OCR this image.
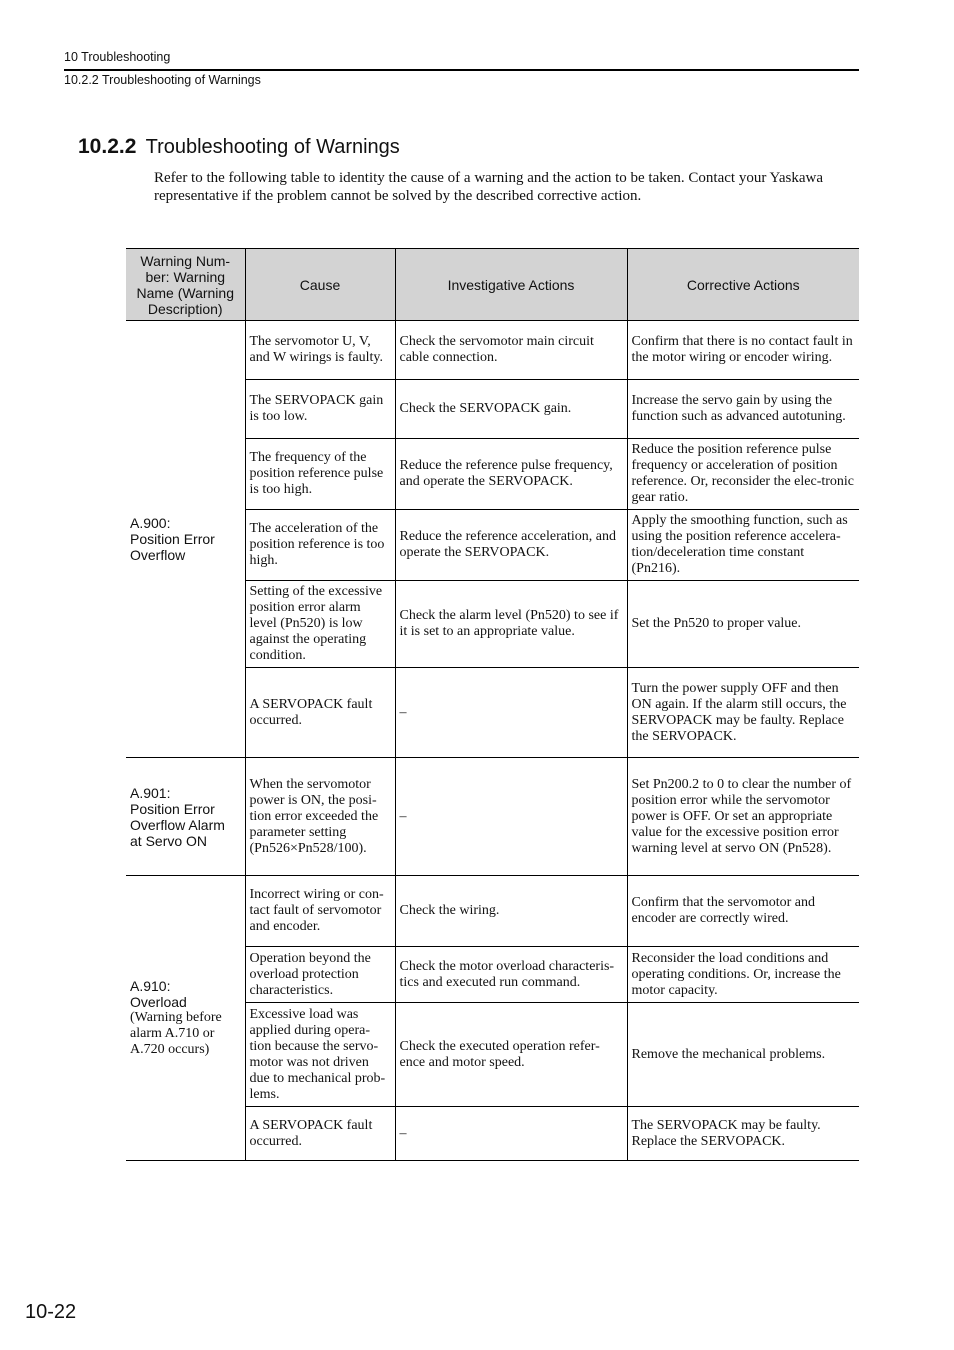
10 Troubleshooting
10.2.2 Troubleshooting of Warnings
10.2.2 Troubleshooting of Warnings
Refer to the following table to identity the cause of a warning and the action to be taken. Contact your Yaskawa representative if the problem cannot be solved by the described corrective action.
Warning Num-
ber: Warning
Name (Warning
Description)	Cause	Investigative Actions	Corrective Actions

A.900:
Position Error
Overflow	The servomotor U, V, and W wirings is faulty.	Check the servomotor main circuit cable connection.	Confirm that there is no contact fault in the motor wiring or encoder wiring.
	The SERVOPACK gain is too low.	Check the SERVOPACK gain.	Increase the servo gain by using the function such as advanced autotuning.
	The frequency of the position reference pulse is too high.	Reduce the reference pulse frequency, and operate the SERVOPACK.	Reduce the position reference pulse frequency or acceleration of position reference. Or, reconsider the elec-tronic gear ratio.
	The acceleration of the position reference is too high.	Reduce the reference acceleration, and operate the SERVOPACK.	Apply the smoothing function, such as using the position reference accelera-tion/deceleration time constant (Pn216).
	Setting of the excessive position error alarm level (Pn520) is low against the operating condition.	Check the alarm level (Pn520) to see if it is set to an appropriate value.	Set the Pn520 to proper value.
	A SERVOPACK fault occurred.	–	Turn the power supply OFF and then ON again. If the alarm still occurs, the SERVOPACK may be faulty. Replace the SERVOPACK.

A.901:
Position Error
Overflow Alarm
at Servo ON	When the servomotor power is ON, the posi-tion error exceeded the parameter setting (Pn526×Pn528/100).	–	Set Pn200.2 to 0 to clear the number of position error while the servomotor power is OFF. Or set an appropriate value for the excessive position error warning level at servo ON (Pn528).

A.910:
Overload
(Warning before alarm A.710 or A.720 occurs)	Incorrect wiring or con-tact fault of servomotor and encoder.	Check the wiring.	Confirm that the servomotor and encoder are correctly wired.
	Operation beyond the overload protection characteristics.	Check the motor overload characteris-tics and executed run command.	Reconsider the load conditions and operating conditions. Or, increase the motor capacity.
	Excessive load was applied during opera-tion because the servo-motor was not driven due to mechanical prob-lems.	Check the executed operation refer-ence and motor speed.	Remove the mechanical problems.
	A SERVOPACK fault occurred.	–	The SERVOPACK may be faulty. Replace the SERVOPACK.
10-22
